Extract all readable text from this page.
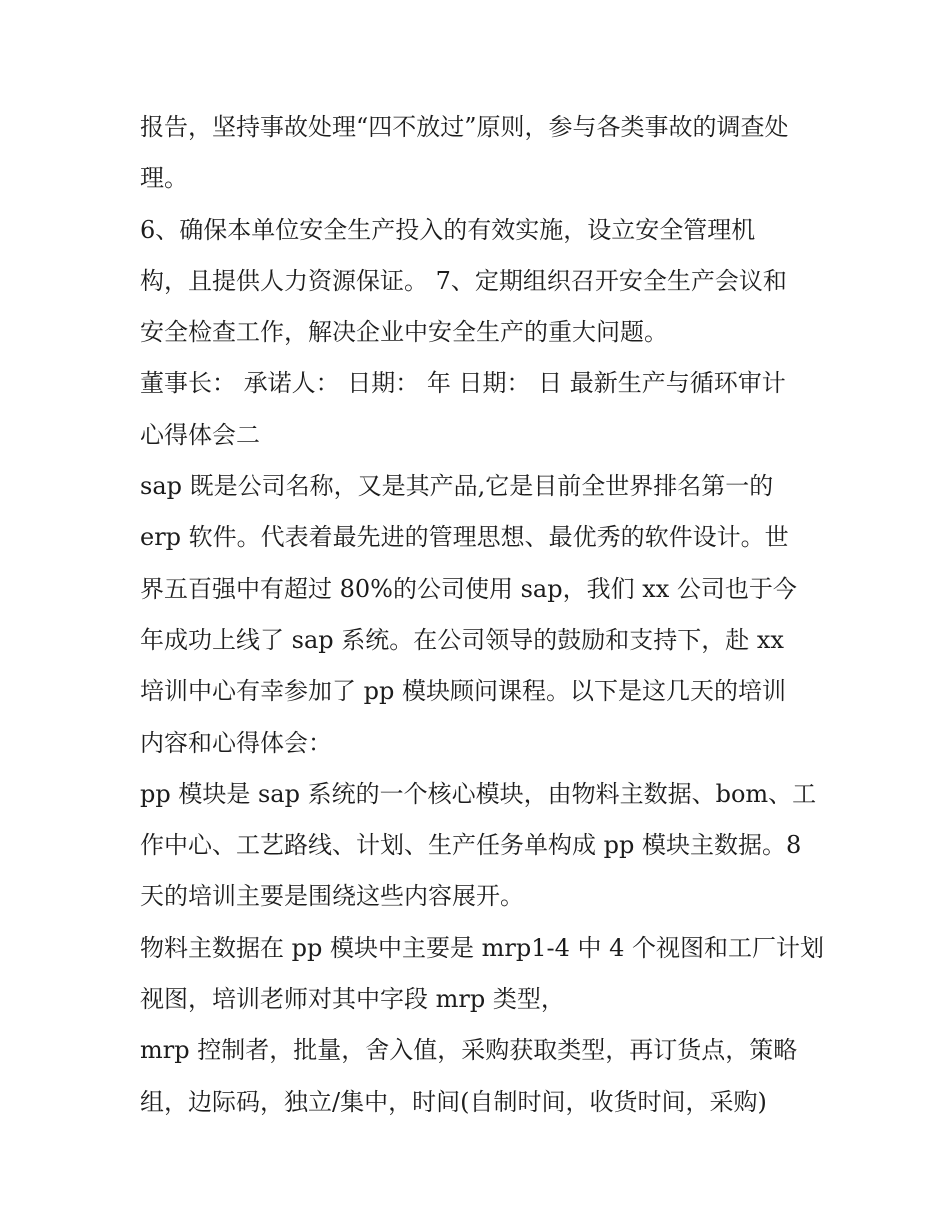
报告，坚持事故处理“四不放过”原则，参与各类事故的调查处

理。

6、确保本单位安全生产投入的有效实施，设立安全管理机

构，且提供人力资源保证。 7、定期组织召开安全生产会议和

安全检查工作，解决企业中安全生产的重大问题。

董事长： 承诺人： 日期： 年 日期： 日 最新生产与循环审计

心得体会二

sap 既是公司名称，又是其产品,它是目前全世界排名第一的

erp 软件。代表着最先进的管理思想、最优秀的软件设计。世

界五百强中有超过 80%的公司使用 sap，我们 xx 公司也于今

年成功上线了 sap 系统。在公司领导的鼓励和支持下，赴 xx

培训中心有幸参加了 pp 模块顾问课程。以下是这几天的培训

内容和心得体会：

pp 模块是 sap 系统的一个核心模块，由物料主数据、bom、工

作中心、工艺路线、计划、生产任务单构成 pp 模块主数据。8

天的培训主要是围绕这些内容展开。

物料主数据在 pp 模块中主要是 mrp1-4 中 4 个视图和工厂计划

视图，培训老师对其中字段 mrp 类型，

mrp 控制者，批量，舍入值，采购获取类型，再订货点，策略

组，边际码，独立/集中，时间(自制时间，收货时间，采购)
